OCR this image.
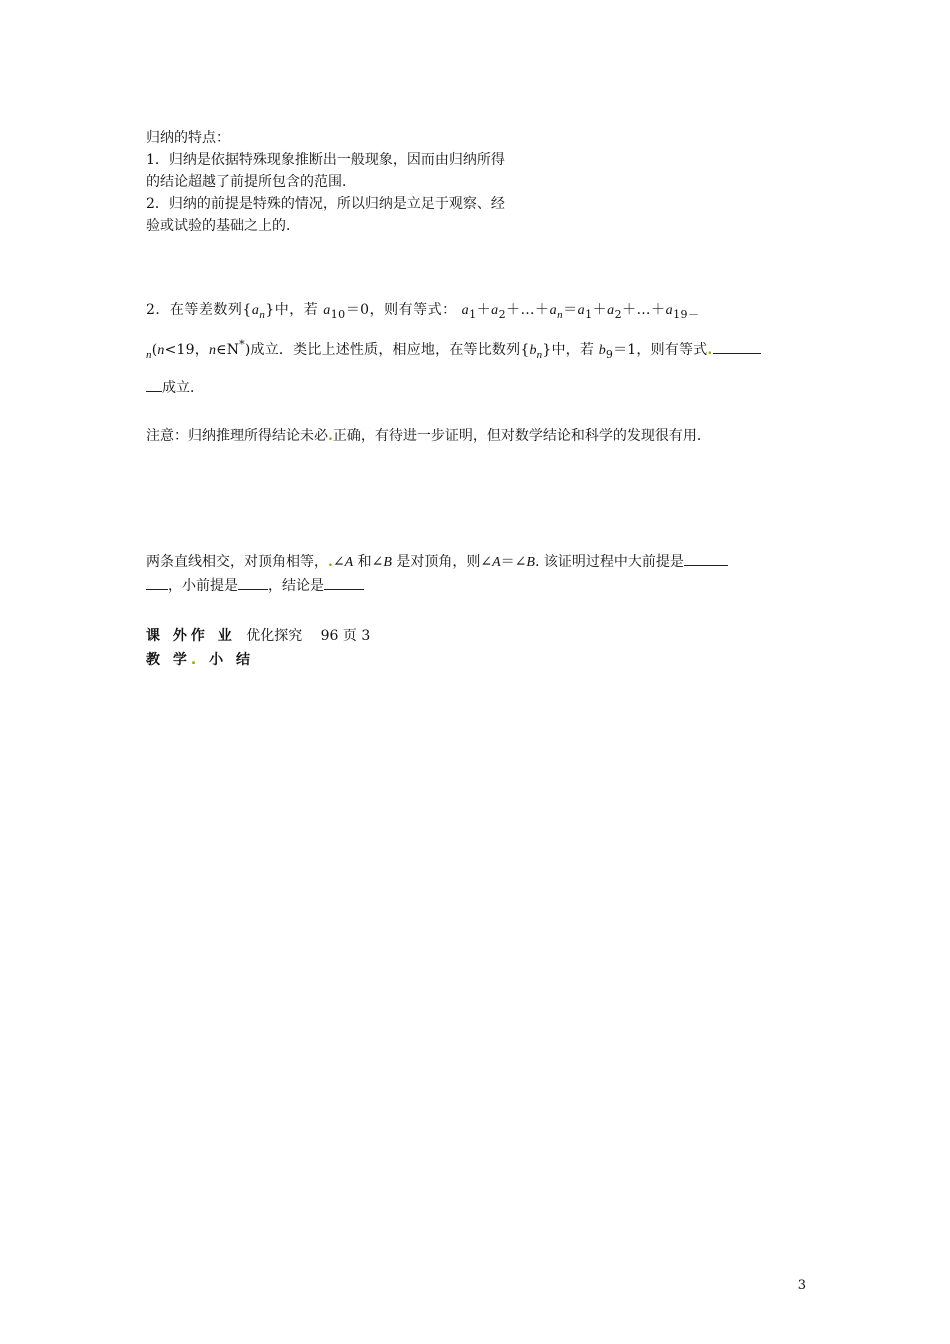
归纳的特点：
1．归纳是依据特殊现象推断出一般现象，因而由归纳所得
的结论超越了前提所包含的范围．
2．归纳的前提是特殊的情况，所以归纳是立足于观察、经
验或试验的基础之上的．
2．在等差数列$\{a_n\}$中，若 $a_{10}=0$，则有等式： $a_1+a_2+\dots+a_n=a_1+a_2+\dots+a_{19-}$
$_n$(n<19，n∈N*)成立．类比上述性质，相应地，在等比数列$\{b_n\}$中，若 $b_9=1$，则有等式.
成立．
注意：归纳推理所得结论未必.正确，有待进一步证明，但对数学结论和科学的发现很有用．
两条直线相交，对顶角相等，.∠A 和∠B 是对顶角，则∠A＝∠B. 该证明过程中大前提是
，小前提是 ，结论是
课 外作 业 优化探究　 96 页 3
教 学. 小 结
3
